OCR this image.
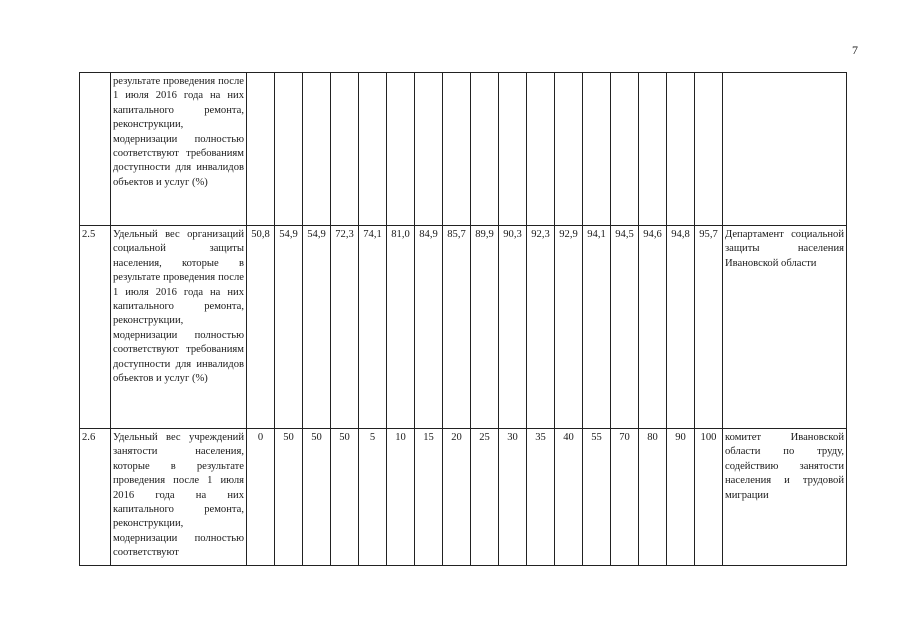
7
	результате проведения после 1 июля 2016 года на них капитального ремонта, реконструкции, модернизации полностью соответствуют требованиям доступности для инвалидов объектов и услуг (%)																		
2.5	Удельный вес организаций социальной защиты населения, которые в результате проведения после 1 июля 2016 года на них капитального ремонта, реконструкции, модернизации полностью соответствуют требованиям доступности для инвалидов объектов и услуг (%)	50,8	54,9	54,9	72,3	74,1	81,0	84,9	85,7	89,9	90,3	92,3	92,9	94,1	94,5	94,6	94,8	95,7	Департамент социальной защиты населения Ивановской области
2.6	Удельный вес учреждений занятости населения, которые в результате проведения после 1 июля 2016 года на них капитального ремонта, реконструкции, модернизации полностью соответствуют	0	50	50	50	5	10	15	20	25	30	35	40	55	70	80	90	100	комитет Ивановской области по труду, содействию занятости населения и трудовой миграции
